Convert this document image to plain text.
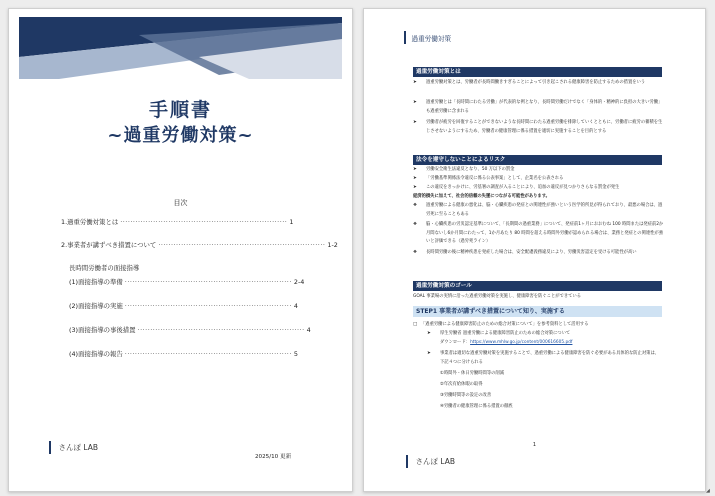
手順書
~過重労働対策~
目次
1. 過重労働対策とは ·································································· 1
2. 事業者が講ずべき措置について ·································································· 1-2
長時間労働者の面接指導
(1) 面接指導の準備 ·································································· 2-4
(2) 面接指導の実施 ·································································· 4
(3) 面接指導の事後措置 ·································································· 4
(4) 面接指導の報告 ·································································· 5
2025/10 更新
さんぽ LAB
過重労働対策
過重労働対策とは
➤ 過重労働対策とは、労働者が長時間働きすぎることによって引き起こされる健康障害を防止するための措置をいう
➤ 過重労働とは「長時間にわたる労働」が代表的な例となり、長時間労働だけでなく「身体的・精神的に負担の大きい労働」も過重労働に含まれる
➤ 労働者が疲労を回復することができないような長時間にわたる過重労働を排除していくとともに、労働者に疲労の蓄積を生じさせないようにするため、労働者の健康管理に係る措置を適切に実施することを目的とする
法令を遵守しないことによるリスク
➤ 労働安全衛生法違反となり、50 万以下の罰金
➤ 「労働基準関係法令違反に係る公表事案」として、企業名を公表される
➤ この違反をきっかけに、労基署の調査が入ることにより、追加の違反が見つかりさらなる罰金が発生
経済的損失に加えて、社会的信頼の失墜につながる可能性があります。
❖ 過重労働による健康の悪化は、脳・心臓疾患の発症との関連性が強いという医学的所見が得られており、最悪の場合は、過労死に至ることもある
❖ 脳・心臓疾患の労災認定基準について、「長期間の過重業務」について、発症前1ヶ月におおむね 100 時間または発症前2か月間ないし6か月間にわたって、1か月あたり 80 時間を超える時間外労働が認められる場合は、業務と発症との関連性が強いと評価できる（過労死ライン）
❖ 長時間労働の後に精神疾患を発症した場合は、安全配慮義務違反により、労働災害認定を受ける可能性が高い
過重労働対策のゴール
GOAL 事業場の実情に沿った過重労働対策を実施し、健康障害を防ぐことができている
STEP1 事業者が講ずべき措置について知り、実施する
□ 「過重労働による健康障害防止のための総合対策について」を参考資料として活用する
➤ 厚生労働省 過重労働による健康障害防止のための総合対策について
ダウンロード：https://www.mhlw.go.jp/content/000616605.pdf
➤ 事業者は適切な過重労働対策を実施することで、過重労働による健康障害を防ぐ必要がある具体的な防止対策は、下記４つに分けられる
①時間外・休日労働時間等の削減
②年次有給休暇の取得
③労働時間等の設定の改善
④労働者の健康管理に係る措置の徹底
1
さんぽ LAB
◢
